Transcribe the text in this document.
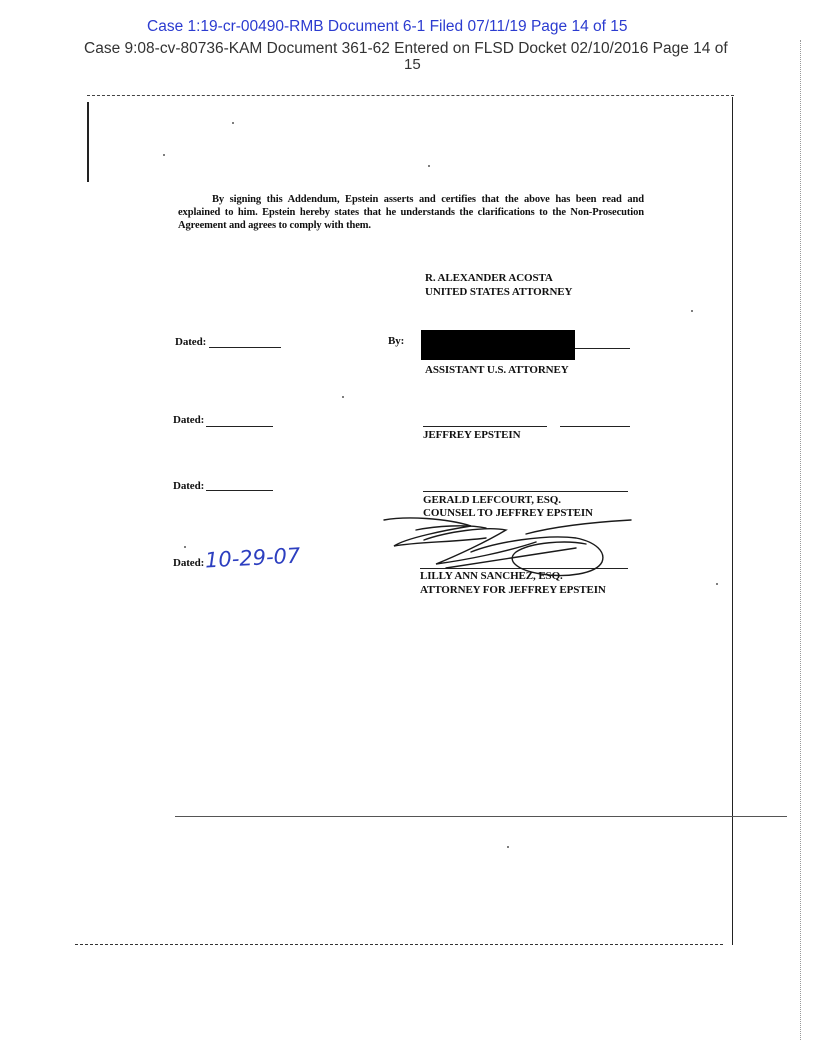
Case 1:19-cr-00490-RMB Document 6-1 Filed 07/11/19 Page 14 of 15
Case 9:08-cv-80736-KAM Document 361-62 Entered on FLSD Docket 02/10/2016 Page 14 of
15
By signing this Addendum, Epstein asserts and certifies that the above has been read and explained to him. Epstein hereby states that he understands the clarifications to the Non-Prosecution Agreement and agrees to comply with them.
R. ALEXANDER ACOSTA
UNITED STATES ATTORNEY
Dated:	By:
ASSISTANT U.S. ATTORNEY
Dated:
JEFFREY EPSTEIN
Dated:
GERALD LEFCOURT, ESQ.
COUNSEL TO JEFFREY EPSTEIN
Dated: 10-29-07
LILLY ANN SANCHEZ, ESQ.
ATTORNEY FOR JEFFREY EPSTEIN
